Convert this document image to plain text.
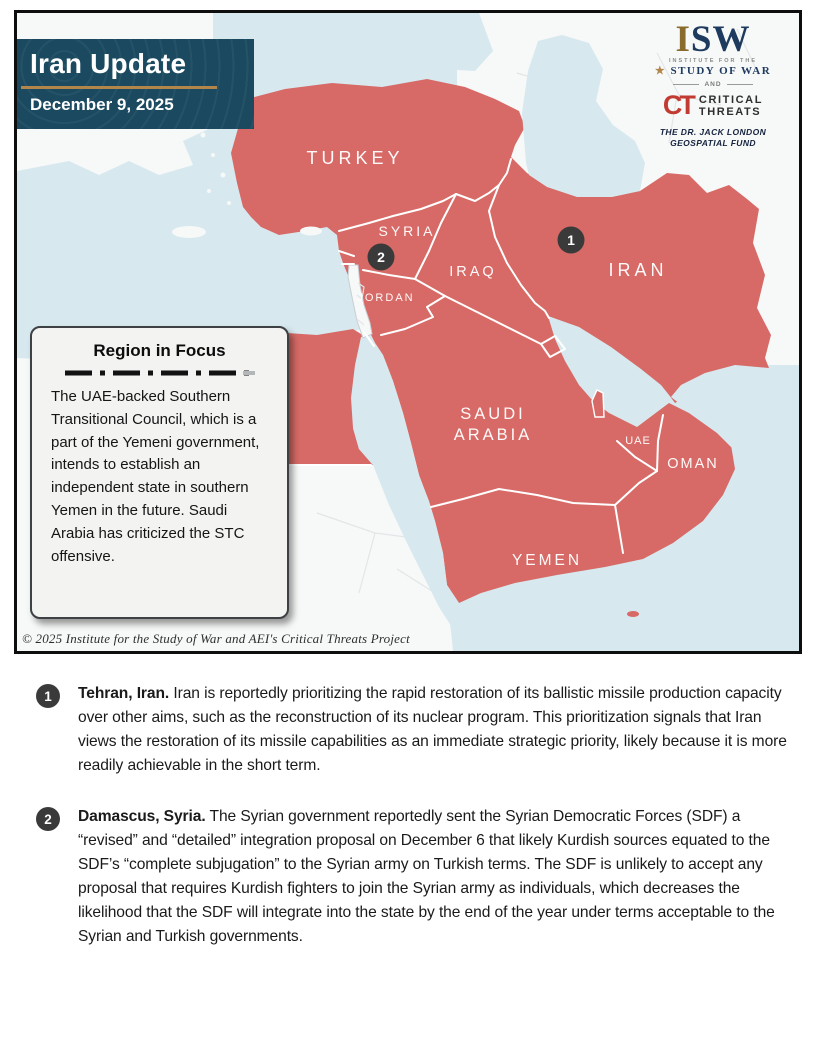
TURKEY
SYRIA
IRAQ	IRAN
JORDAN
SAUDI
ARABIA	UAE
OMAN
YEMEN
1
2
Iran Update
December 9, 2025
ISW
INSTITUTE FOR THE
★ STUDY OF WAR
AND
CT CRITICAL
THREATS
THE DR. JACK LONDON
GEOSPATIAL FUND
Region in Focus
The UAE-backed Southern Transitional Council, which is a part of the Yemeni government, intends to establish an independent state in southern Yemen in the future. Saudi Arabia has criticized the STC offensive.
© 2025 Institute for the Study of War and AEI's Critical Threats Project
1	Tehran, Iran. Iran is reportedly prioritizing the rapid restoration of its ballistic missile production capacity over other aims, such as the reconstruction of its nuclear program. This prioritization signals that Iran views the restoration of its missile capabilities as an immediate strategic priority, likely because it is more readily achievable in the short term.
2	Damascus, Syria. The Syrian government reportedly sent the Syrian Democratic Forces (SDF) a “revised” and “detailed” integration proposal on December 6 that likely Kurdish sources equated to the SDF’s “complete subjugation” to the Syrian army on Turkish terms. The SDF is unlikely to accept any proposal that requires Kurdish fighters to join the Syrian army as individuals, which decreases the likelihood that the SDF will integrate into the state by the end of the year under terms acceptable to the Syrian and Turkish governments.
